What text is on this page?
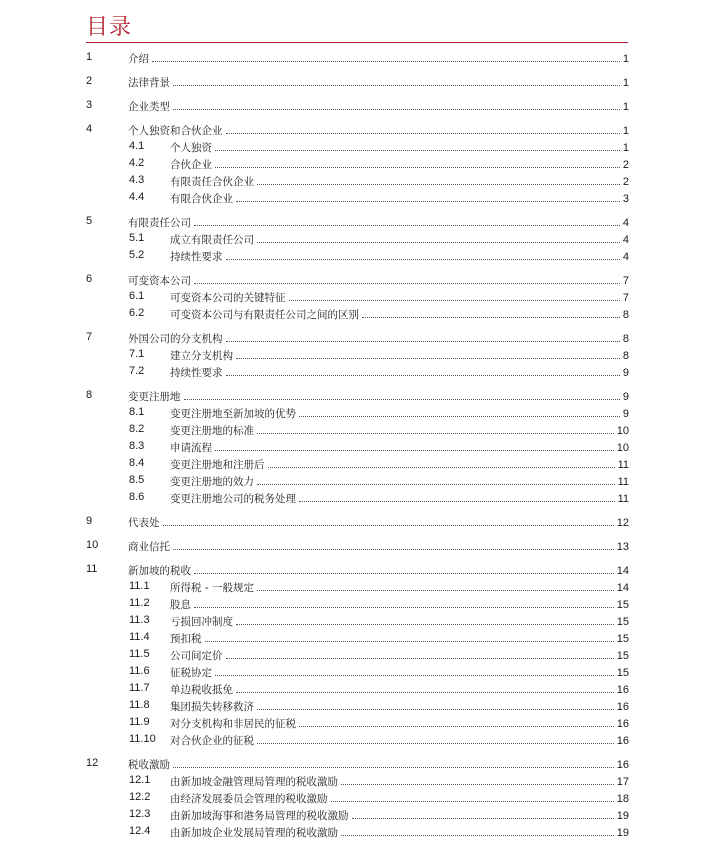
目录
1	介绍	1
2	法律背景	1
3	企业类型	1
4	个人独资和合伙企业	1
4.1	个人独资	1
4.2	合伙企业	2
4.3	有限责任合伙企业	2
4.4	有限合伙企业	3
5	有限责任公司	4
5.1	成立有限责任公司	4
5.2	持续性要求	4
6	可变资本公司	7
6.1	可变资本公司的关键特征	7
6.2	可变资本公司与有限责任公司之间的区别	8
7	外国公司的分支机构	8
7.1	建立分支机构	8
7.2	持续性要求	9
8	变更注册地	9
8.1	变更注册地至新加坡的优势	9
8.2	变更注册地的标准	10
8.3	申请流程	10
8.4	变更注册地和注册后	11
8.5	变更注册地的效力	11
8.6	变更注册地公司的税务处理	11
9	代表处	12
10	商业信托	13
11	新加坡的税收	14
11.1	所得税 - 一般规定	14
11.2	股息	15
11.3	亏损回冲制度	15
11.4	预扣税	15
11.5	公司间定价	15
11.6	征税协定	15
11.7	单边税收抵免	16
11.8	集团损失转移救济	16
11.9	对分支机构和非居民的征税	16
11.10	对合伙企业的征税	16
12	税收激励	16
12.1	由新加坡金融管理局管理的税收激励	17
12.2	由经济发展委员会管理的税收激励	18
12.3	由新加坡海事和港务局管理的税收激励	19
12.4	由新加坡企业发展局管理的税收激励	19
